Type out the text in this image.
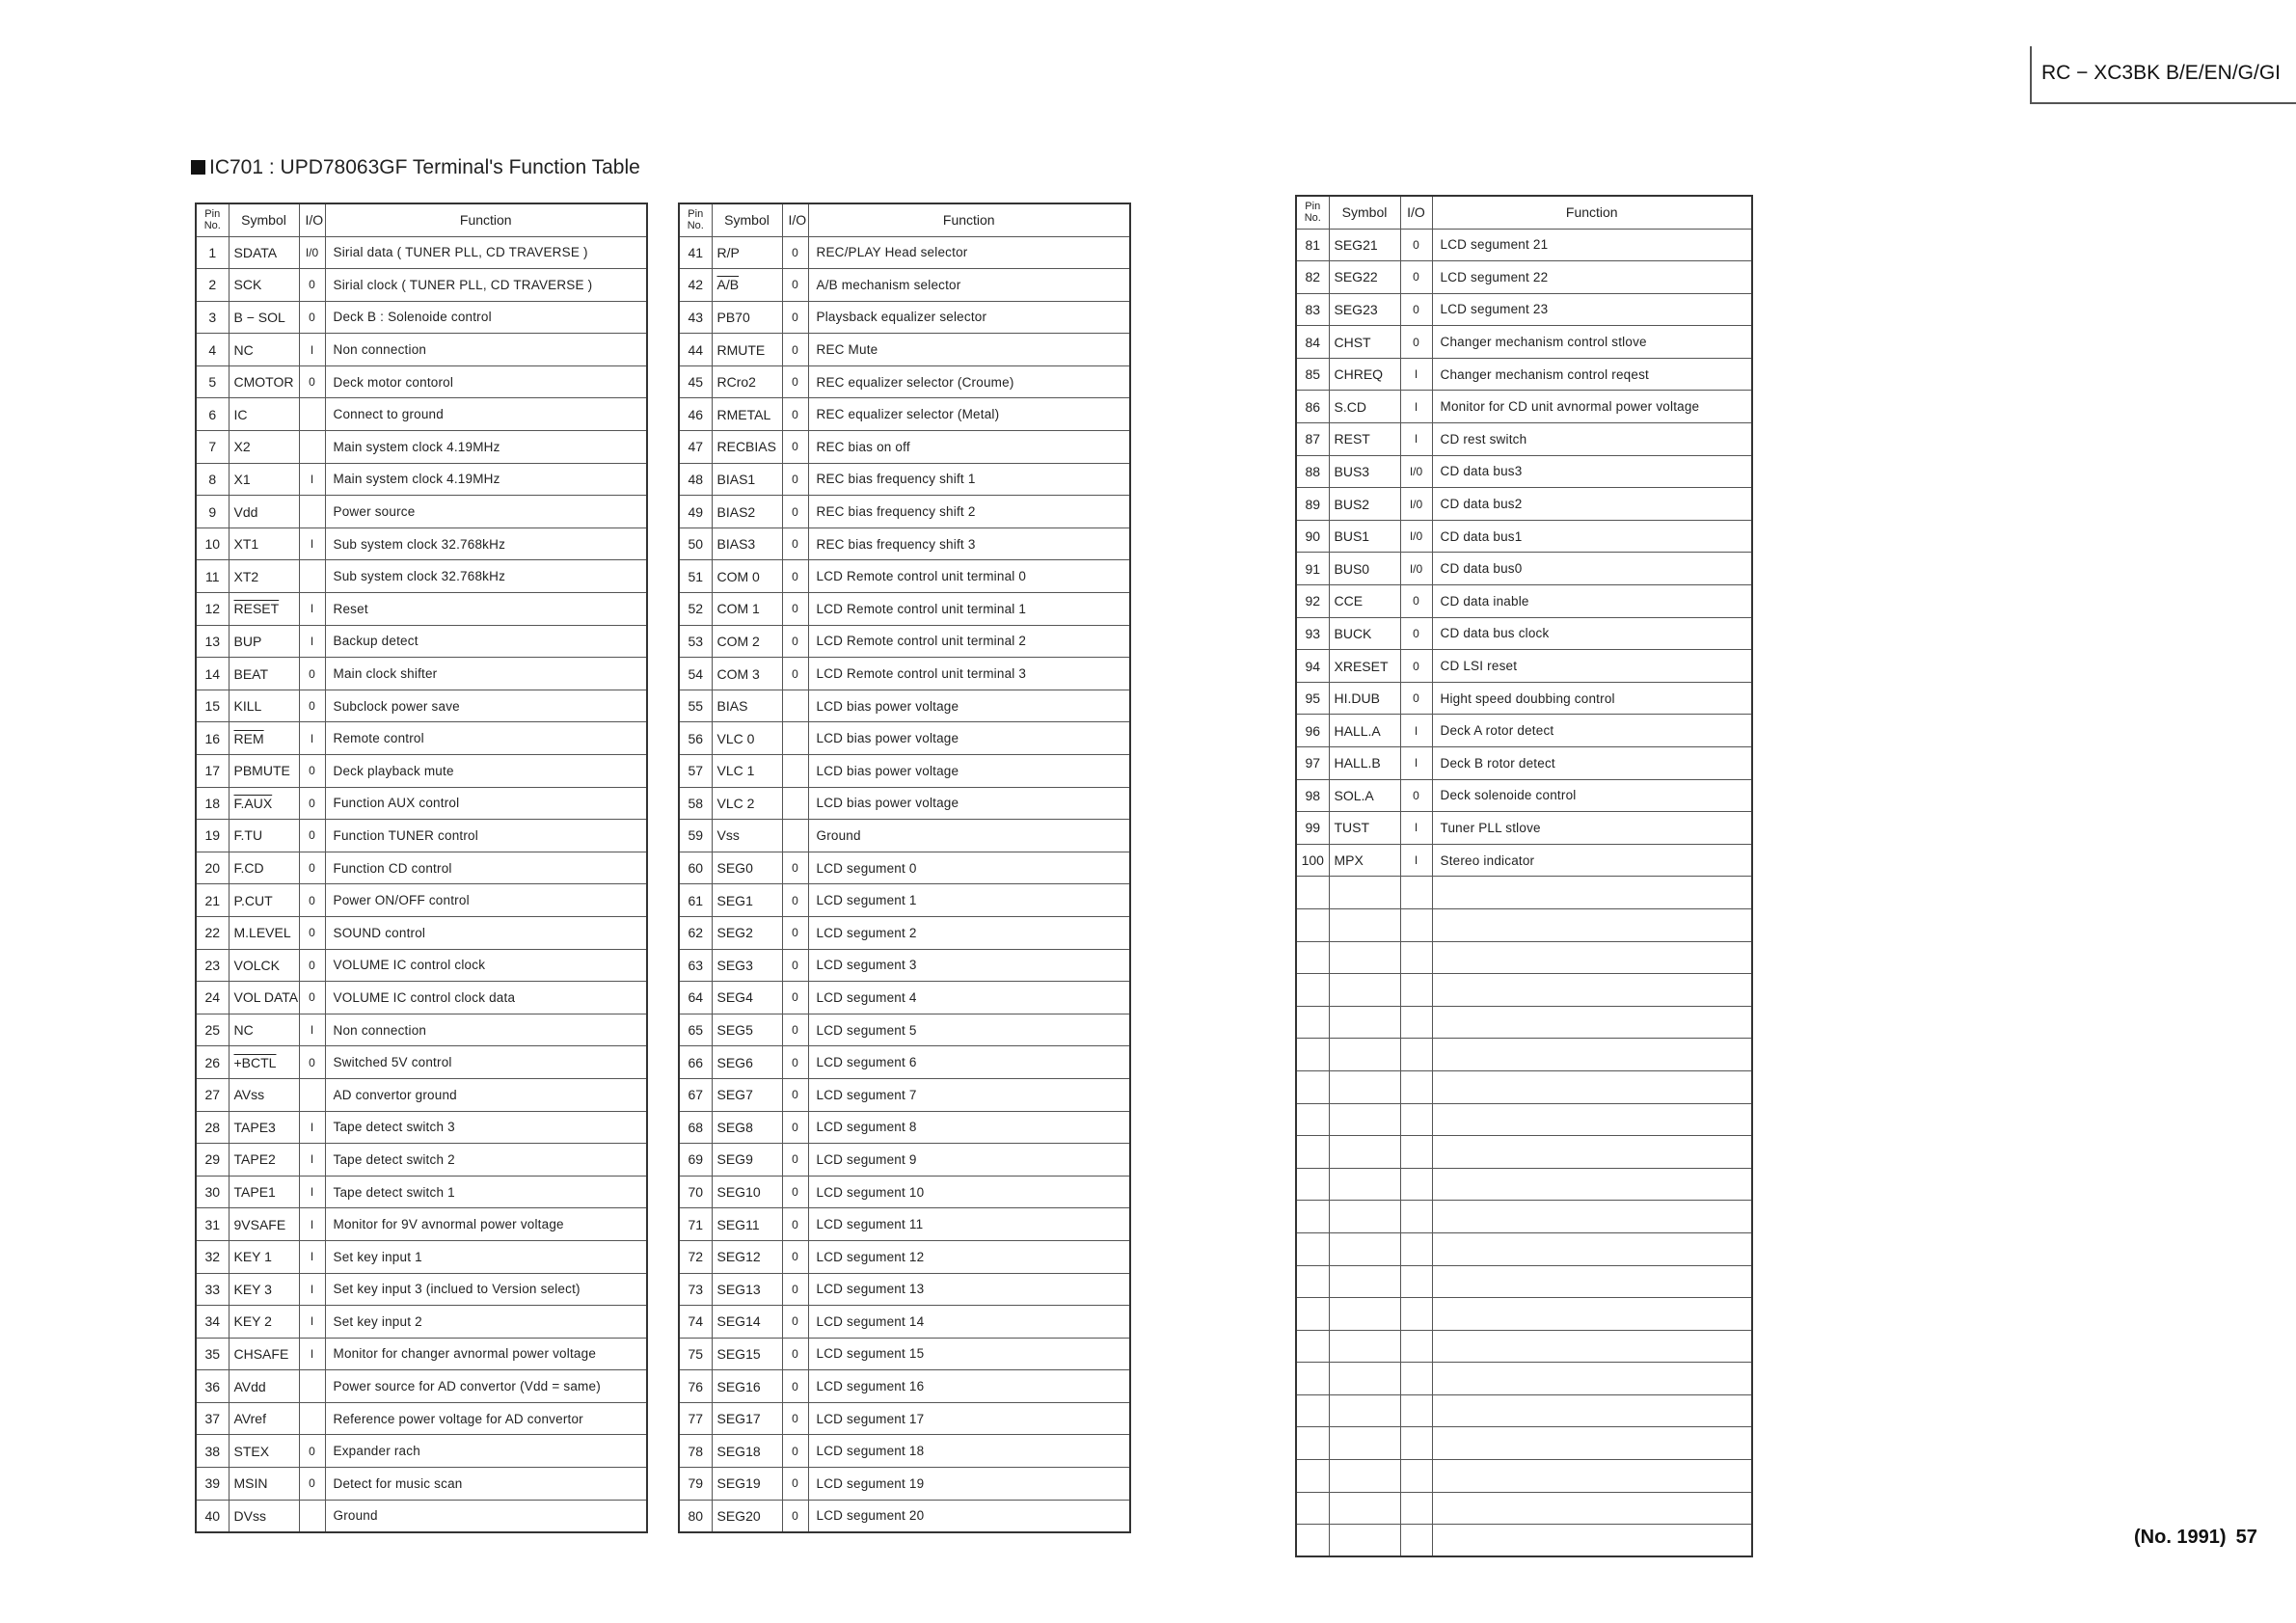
RC − XC3BK B/E/EN/G/GI
IC701 : UPD78063GF Terminal's Function Table
Pin
No.	Symbol	I/O	Function
1	SDATA	I/0	Sirial data ( TUNER PLL, CD TRAVERSE )
2	SCK	0	Sirial clock ( TUNER PLL, CD TRAVERSE )
3	B − SOL	0	Deck B : Solenoide control
4	NC	I	Non connection
5	CMOTOR	0	Deck motor contorol
6	IC		Connect to ground
7	X2		Main system clock 4.19MHz
8	X1	I	Main system clock 4.19MHz
9	Vdd		Power source
10	XT1	I	Sub system clock 32.768kHz
11	XT2		Sub system clock 32.768kHz
12	RESET	I	Reset
13	BUP	I	Backup detect
14	BEAT	0	Main clock shifter
15	KILL	0	Subclock power save
16	$\overline{REM}$	I	Remote control
17	PBMUTE	0	Deck playback mute
18	F.AUX	0	Function AUX control
19	F.TU	0	Function TUNER control
20	F.CD	0	Function CD control
21	P.CUT	0	Power ON/OFF control
22	M.LEVEL	0	SOUND control
23	VOLCK	0	VOLUME IC control clock
24	VOL DATA	0	VOLUME IC control clock data
25	NC	I	Non connection
26	+BCTL	0	Switched 5V control
27	AVss		AD convertor ground
28	TAPE3	I	Tape detect switch 3
29	TAPE2	I	Tape detect switch 2
30	TAPE1	I	Tape detect switch 1
31	9VSAFE	I	Monitor for 9V avnormal power voltage
32	KEY 1	I	Set key input 1
33	KEY 3	I	Set key input 3 (inclued to Version select)
34	KEY 2	I	Set key input 2
35	CHSAFE	I	Monitor for changer avnormal power voltage
36	AVdd		Power source for AD convertor (Vdd = same)
37	AVref		Reference power voltage for AD convertor
38	STEX	0	Expander rach
39	MSIN	0	Detect for music scan
40	DVss		Ground
Pin
No.	Symbol	I/O	Function
41	R/P	0	REC/PLAY Head selector
42	A/B	0	A/B mechanism selector
43	PB70	0	Playsback equalizer selector
44	RMUTE	0	REC Mute
45	RCro2	0	REC equalizer selector (Croume)
46	RMETAL	0	REC equalizer selector (Metal)
47	RECBIAS	0	REC bias on off
48	BIAS1	0	REC bias frequency shift 1
49	BIAS2	0	REC bias frequency shift 2
50	BIAS3	0	REC bias frequency shift 3
51	COM 0	0	LCD Remote control unit terminal 0
52	COM 1	0	LCD Remote control unit terminal 1
53	COM 2	0	LCD Remote control unit terminal 2
54	COM 3	0	LCD Remote control unit terminal 3
55	BIAS		LCD bias power voltage
56	VLC 0		LCD bias power voltage
57	VLC 1		LCD bias power voltage
58	VLC 2		LCD bias power voltage
59	Vss		Ground
60	SEG0	0	LCD segument 0
61	SEG1	0	LCD segument 1
62	SEG2	0	LCD segument 2
63	SEG3	0	LCD segument 3
64	SEG4	0	LCD segument 4
65	SEG5	0	LCD segument 5
66	SEG6	0	LCD segument 6
67	SEG7	0	LCD segument 7
68	SEG8	0	LCD segument 8
69	SEG9	0	LCD segument 9
70	SEG10	0	LCD segument 10
71	SEG11	0	LCD segument 11
72	SEG12	0	LCD segument 12
73	SEG13	0	LCD segument 13
74	SEG14	0	LCD segument 14
75	SEG15	0	LCD segument 15
76	SEG16	0	LCD segument 16
77	SEG17	0	LCD segument 17
78	SEG18	0	LCD segument 18
79	SEG19	0	LCD segument 19
80	SEG20	0	LCD segument 20
Pin
No.	Symbol	I/O	Function
81	SEG21	0	LCD segument 21
82	SEG22	0	LCD segument 22
83	SEG23	0	LCD segument 23
84	CHST	0	Changer mechanism control stlove
85	CHREQ	I	Changer mechanism control reqest
86	S.CD	I	Monitor for CD unit avnormal power voltage
87	REST	I	CD rest switch
88	BUS3	I/0	CD data bus3
89	BUS2	I/0	CD data bus2
90	BUS1	I/0	CD data bus1
91	BUS0	I/0	CD data bus0
92	CCE	0	CD data inable
93	BUCK	0	CD data bus clock
94	XRESET	0	CD LSI reset
95	HI.DUB	0	Hight speed doubbing control
96	HALL.A	I	Deck A rotor detect
97	HALL.B	I	Deck B rotor detect
98	SOL.A	0	Deck solenoide control
99	TUST	I	Tuner PLL stlove
100	MPX	I	Stereo indicator

(No. 1991) 57
